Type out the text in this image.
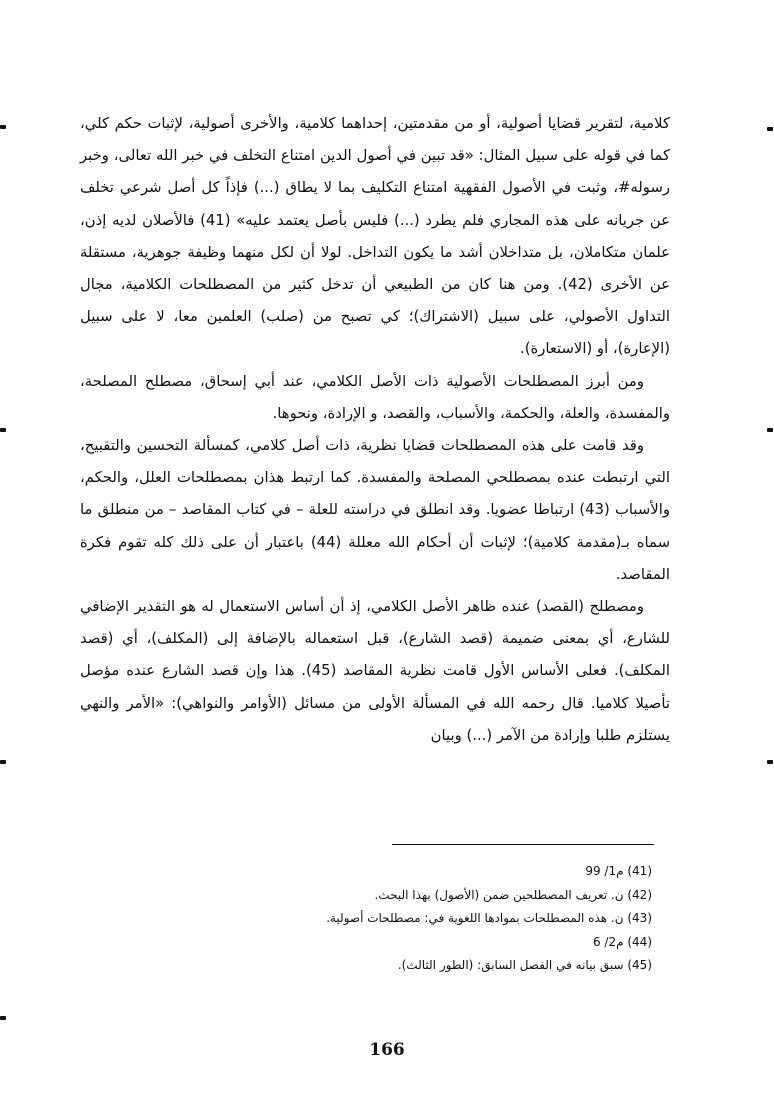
كلامية، لتقرير قضايا أصولية، أو من مقدمتين، إحداهما كلامية، والأخرى أصولية، لإثبات حكم كلي، كما في قوله على سبيل المثال: «قد تبين في أصول الدين امتناع التخلف في خبر الله تعالى، وخبر رسوله#، وثبت في الأصول الفقهية امتناع التكليف بما لا يطاق (...) فإذاً كل أصل شرعي تخلف عن جريانه على هذه المجاري فلم يطرد (...) فليس بأصل يعتمد عليه» (41) فالأصلان لديه إذن، علمان متكاملان، بل متداخلان أشد ما يكون التداخل. لولا أن لكل منهما وظيفة جوهرية، مستقلة عن الأخرى (42). ومن هنا كان من الطبيعي أن تدخل كثير من المصطلحات الكلامية، مجال التداول الأصولي، على سبيل (الاشتراك)؛ كي تصبح من (صلب) العلمين معا، لا على سبيل (الإعارة)، أو (الاستعارة).

ومن أبرز المصطلحات الأصولية ذات الأصل الكلامي، عند أبي إسحاق، مصطلح المصلحة، والمفسدة، والعلة، والحكمة، والأسباب، والقصد، و الإرادة، ونحوها.

وقد قامت على هذه المصطلحات قضايا نظرية، ذات أصل كلامي، كمسألة التحسين والتقبيح، التي ارتبطت عنده بمصطلحي المصلحة والمفسدة. كما ارتبط هذان بمصطلحات العلل، والحكم، والأسباب (43) ارتباطا عضويا. وقد انطلق في دراسته للعلة – في كتاب المقاصد – من منطلق ما سماه بـ(مقدمة كلامية)؛ لإثبات أن أحكام الله معللة (44) باعتبار أن على ذلك كله تقوم فكرة المقاصد.

ومصطلح (القصد) عنده ظاهر الأصل الكلامي، إذ أن أساس الاستعمال له هو التقدير الإضافي للشارع، أي بمعنى ضميمة (قصد الشارع)، قبل استعماله بالإضافة إلى (المكلف)، أي (قصد المكلف). فعلى الأساس الأول قامت نظرية المقاصد (45). هذا وإن قصد الشارع عنده مؤصل تأصيلا كلاميا. قال رحمه الله في المسألة الأولى من مسائل (الأوامر والنواهي): «الأمر والنهي يستلزم طلبا وإرادة من الآمر (...) وبيان

(41) م1/ 99
(42) ن. تعريف المصطلحين ضمن (الأصول) بهذا البحث.
(43) ن. هذه المصطلحات بموادها اللغوية في: مصطلحات أصولية.
(44) م2/ 6
(45) سبق بيانه في الفصل السابق: (الطور الثالث).
166
